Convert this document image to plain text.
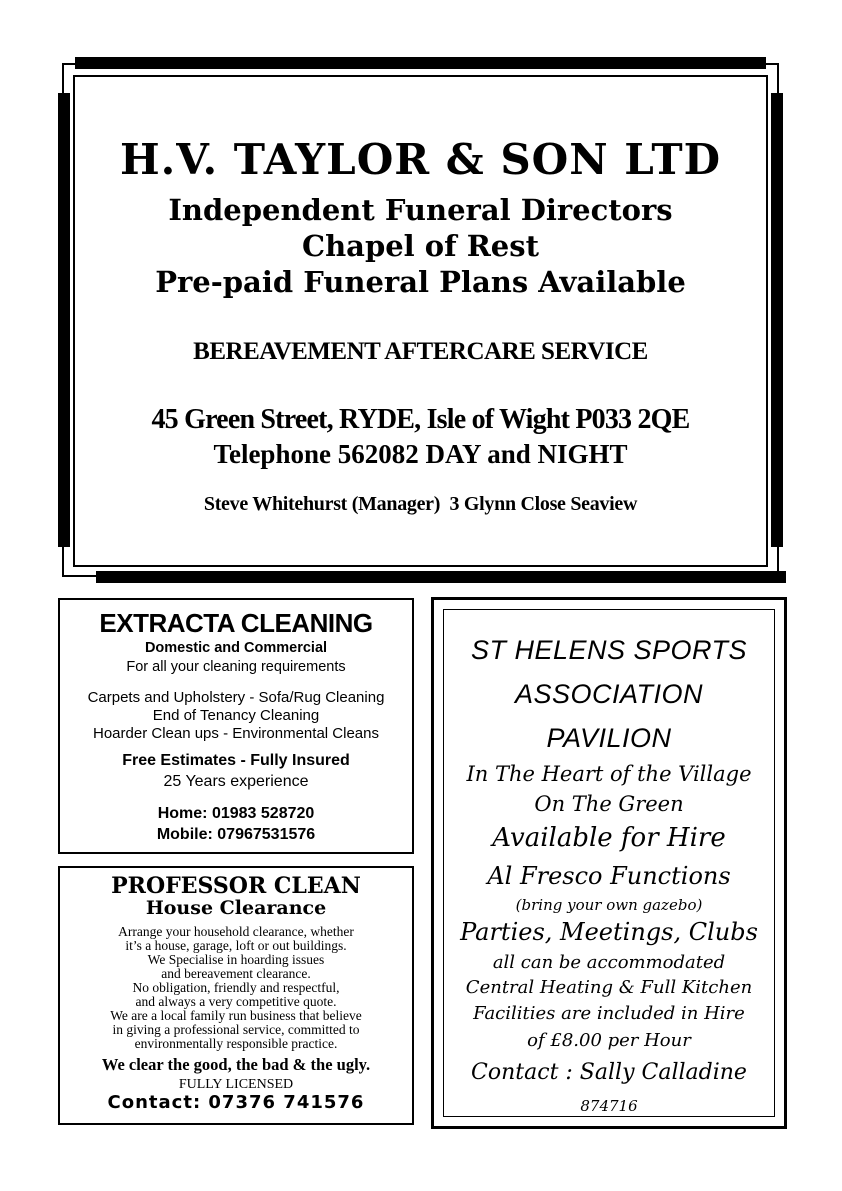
H.V. TAYLOR & SON LTD
Independent Funeral Directors
Chapel of Rest
Pre-paid Funeral Plans Available
BEREAVEMENT AFTERCARE SERVICE
45 Green Street, RYDE, Isle of Wight P033 2QE
Telephone 562082 DAY and NIGHT
Steve Whitehurst (Manager)  3 Glynn Close Seaview
EXTRACTA CLEANING
Domestic and Commercial
For all your cleaning requirements
Carpets and Upholstery - Sofa/Rug Cleaning
End of Tenancy Cleaning
Hoarder Clean ups - Environmental Cleans
Free Estimates - Fully Insured
25 Years experience
Home: 01983 528720
Mobile: 07967531576
PROFESSOR CLEAN
House Clearance
Arrange your household clearance, whether
it’s a house, garage, loft or out buildings.
We Specialise in hoarding issues
and bereavement clearance.
No obligation, friendly and respectful,
and always a very competitive quote.
We are a local family run business that believe
in giving a professional service, committed to
environmentally responsible practice.
We clear the good, the bad & the ugly.
FULLY LICENSED
Contact: 07376 741576
ST HELENS SPORTS
ASSOCIATION
PAVILION
In The Heart of the Village
On The Green
Available for Hire
Al Fresco Functions
(bring your own gazebo)
Parties, Meetings, Clubs
all can be accommodated
Central Heating & Full Kitchen
Facilities are included in Hire
of £8.00 per Hour
Contact : Sally Calladine
874716
